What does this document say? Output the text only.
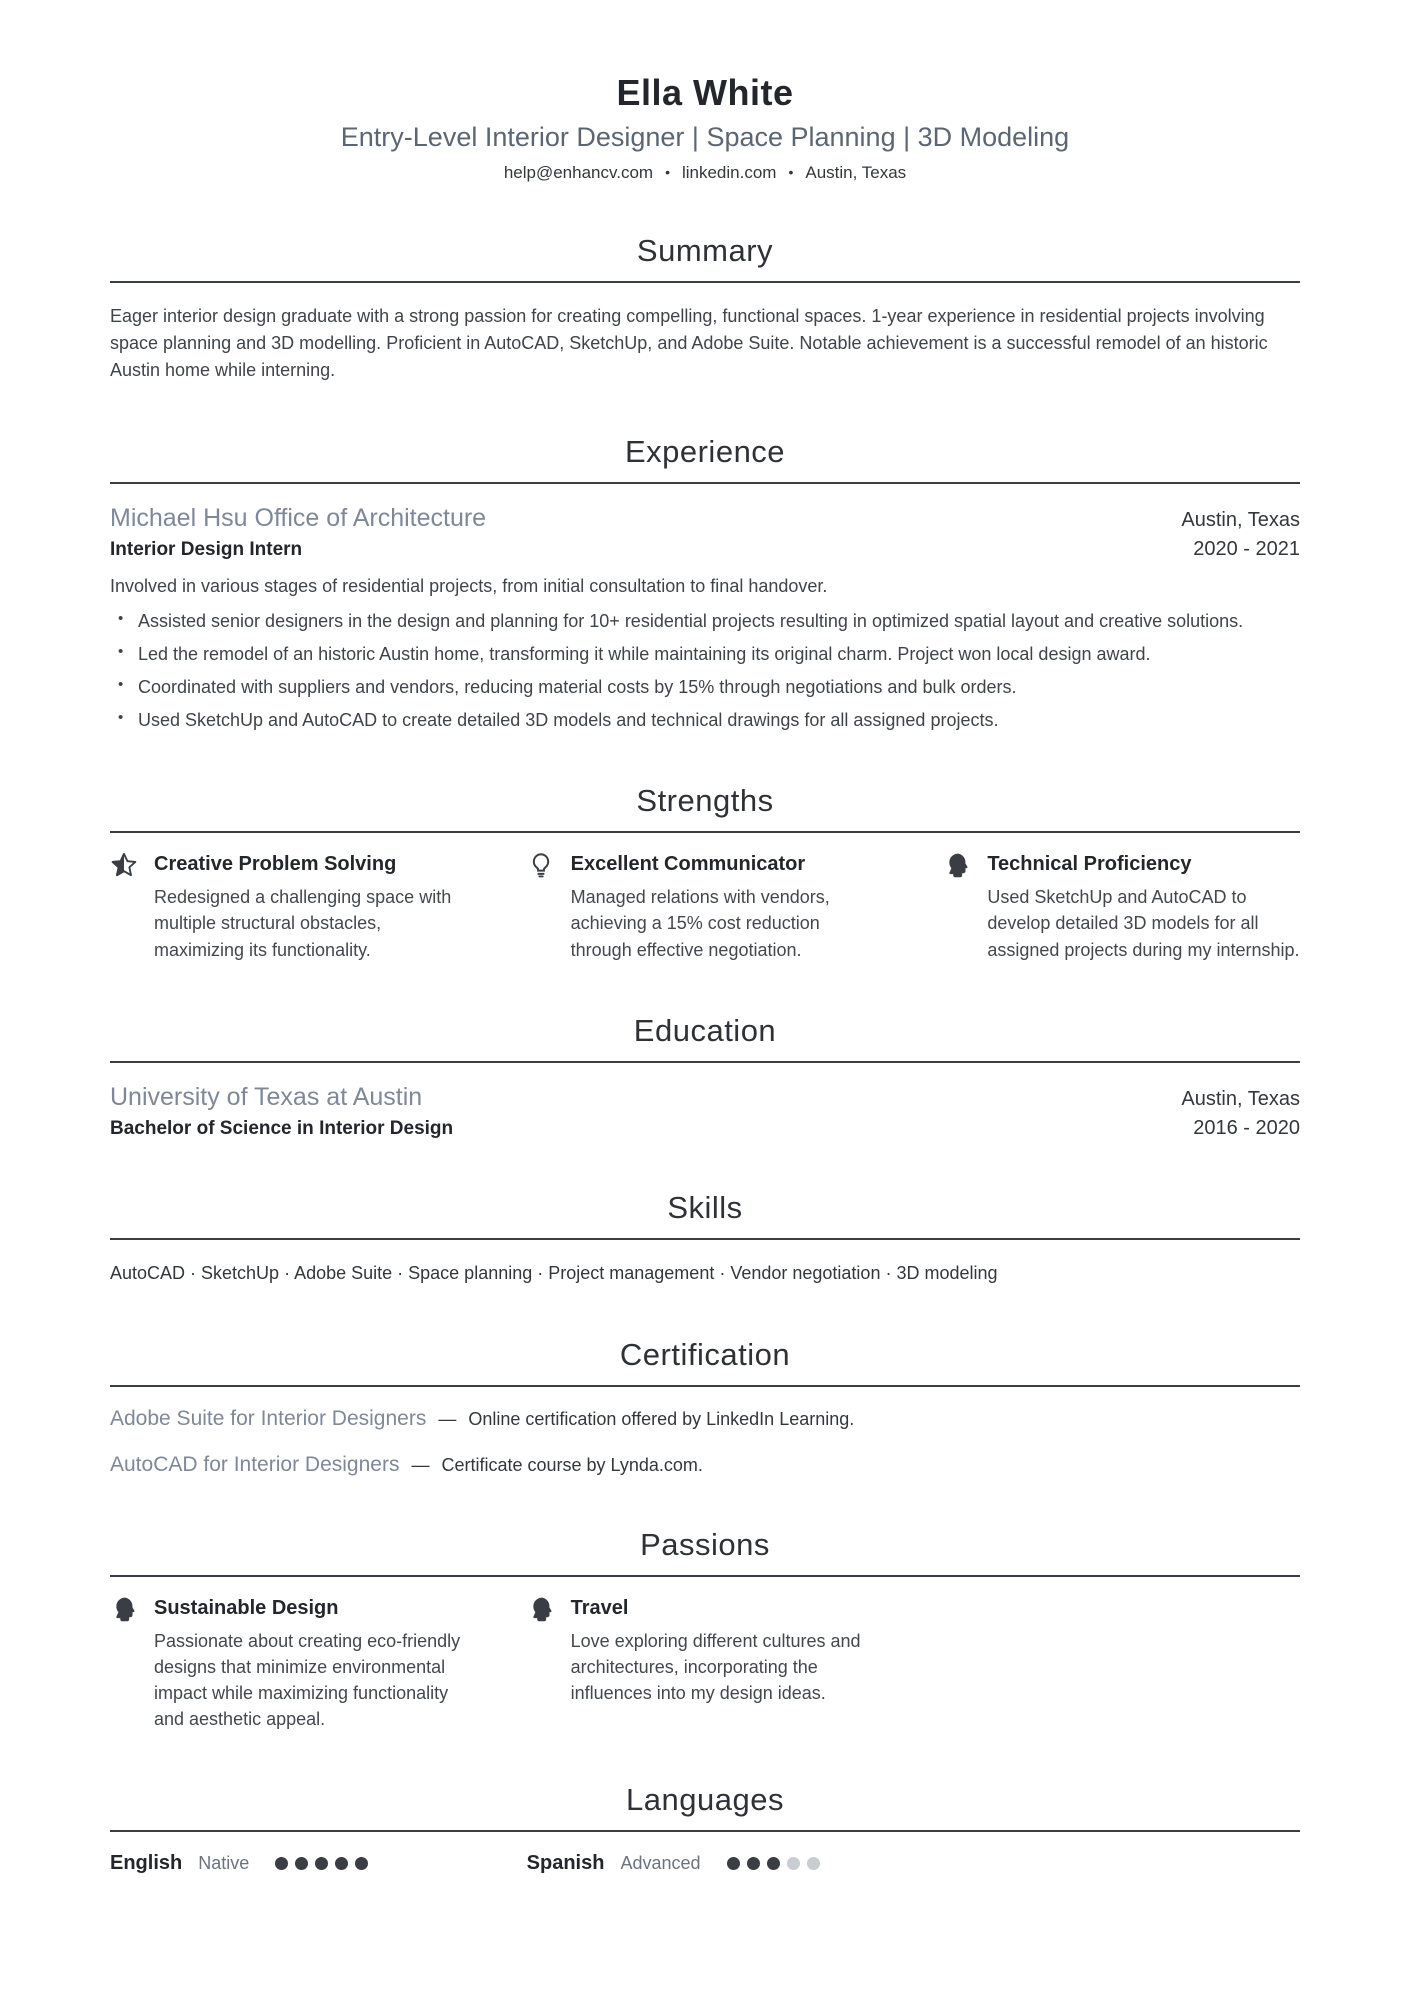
Ella White
Entry-Level Interior Designer | Space Planning | 3D Modeling
help@enhancv.com • linkedin.com • Austin, Texas
Summary

Eager interior design graduate with a strong passion for creating compelling, functional spaces. 1-year experience in residential projects involving space planning and 3D modelling. Proficient in AutoCAD, SketchUp, and Adobe Suite. Notable achievement is a successful remodel of an historic Austin home while interning.

Experience
Michael Hsu Office of Architecture	Austin, Texas
Interior Design Intern	2020 - 2021

Involved in various stages of residential projects, from initial consultation to final handover.

• Assisted senior designers in the design and planning for 10+ residential projects resulting in optimized spatial layout and creative solutions.
• Led the remodel of an historic Austin home, transforming it while maintaining its original charm. Project won local design award.
• Coordinated with suppliers and vendors, reducing material costs by 15% through negotiations and bulk orders.
• Used SketchUp and AutoCAD to create detailed 3D models and technical drawings for all assigned projects.
Strengths
Creative Problem Solving
Redesigned a challenging space with multiple structural obstacles, maximizing its functionality.
Excellent Communicator
Managed relations with vendors, achieving a 15% cost reduction through effective negotiation.
Technical Proficiency
Used SketchUp and AutoCAD to develop detailed 3D models for all assigned projects during my internship.
Education
University of Texas at Austin	Austin, Texas
Bachelor of Science in Interior Design	2016 - 2020
Skills

AutoCAD · SketchUp · Adobe Suite · Space planning · Project management · Vendor negotiation · 3D modeling

Certification
Adobe Suite for Interior Designers — Online certification offered by LinkedIn Learning.
AutoCAD for Interior Designers — Certificate course by Lynda.com.
Passions
Sustainable Design
Passionate about creating eco-friendly designs that minimize environmental impact while maximizing functionality and aesthetic appeal.
Travel
Love exploring different cultures and architectures, incorporating the influences into my design ideas.
Languages
English Native	Spanish Advanced
